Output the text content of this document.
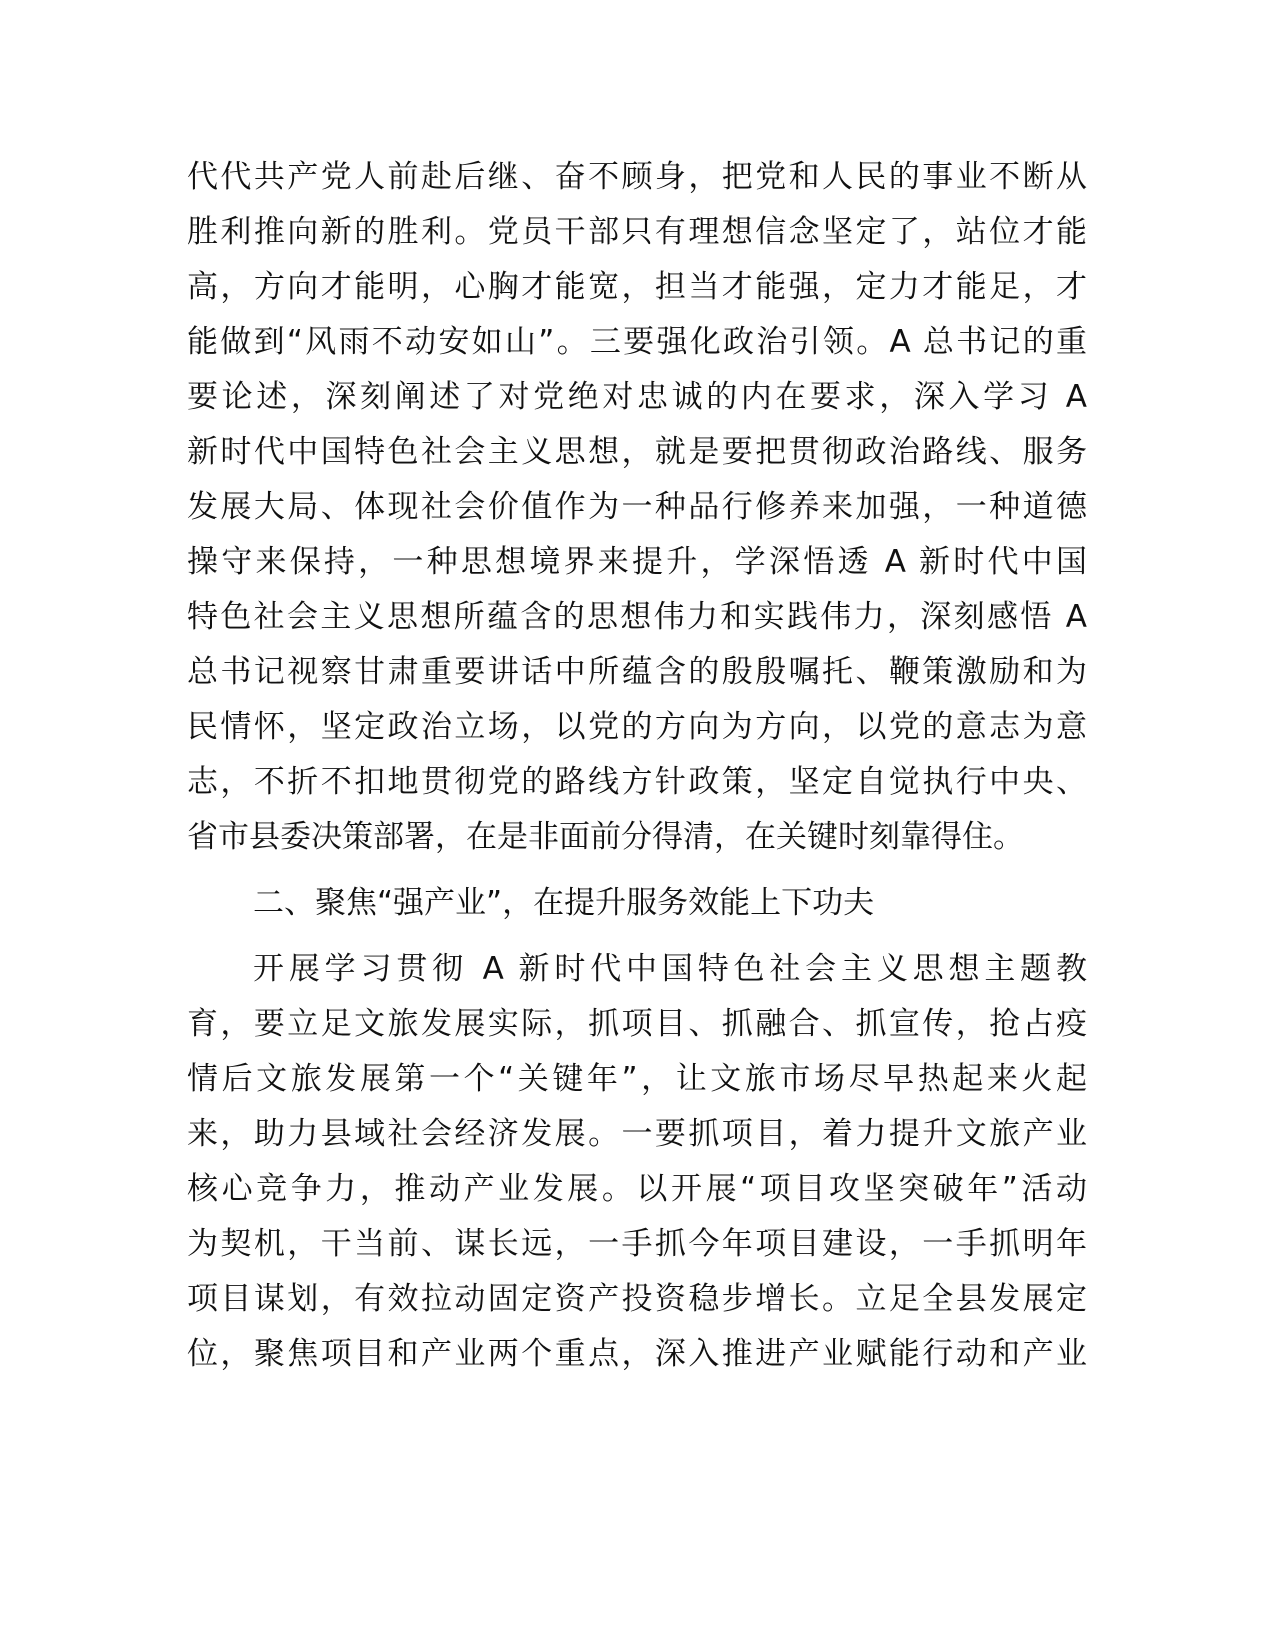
代代共产党人前赴后继、奋不顾身，把党和人民的事业不断从
胜利推向新的胜利。党员干部只有理想信念坚定了，站位才能
高，方向才能明，心胸才能宽，担当才能强，定力才能足，才
能做到“风雨不动安如山”。三要强化政治引领。A 总书记的重
要论述，深刻阐述了对党绝对忠诚的内在要求，深入学习 A
新时代中国特色社会主义思想，就是要把贯彻政治路线、服务
发展大局、体现社会价值作为一种品行修养来加强，一种道德
操守来保持，一种思想境界来提升，学深悟透 A 新时代中国
特色社会主义思想所蕴含的思想伟力和实践伟力，深刻感悟 A
总书记视察甘肃重要讲话中所蕴含的殷殷嘱托、鞭策激励和为
民情怀，坚定政治立场，以党的方向为方向，以党的意志为意
志，不折不扣地贯彻党的路线方针政策，坚定自觉执行中央、
省市县委决策部署，在是非面前分得清，在关键时刻靠得住。
二、聚焦“强产业”，在提升服务效能上下功夫
开展学习贯彻 A 新时代中国特色社会主义思想主题教
育，要立足文旅发展实际，抓项目、抓融合、抓宣传，抢占疫
情后文旅发展第一个“关键年”，让文旅市场尽早热起来火起
来，助力县域社会经济发展。一要抓项目，着力提升文旅产业
核心竞争力，推动产业发展。以开展“项目攻坚突破年”活动
为契机，干当前、谋长远，一手抓今年项目建设，一手抓明年
项目谋划，有效拉动固定资产投资稳步增长。立足全县发展定
位，聚焦项目和产业两个重点，深入推进产业赋能行动和产业
